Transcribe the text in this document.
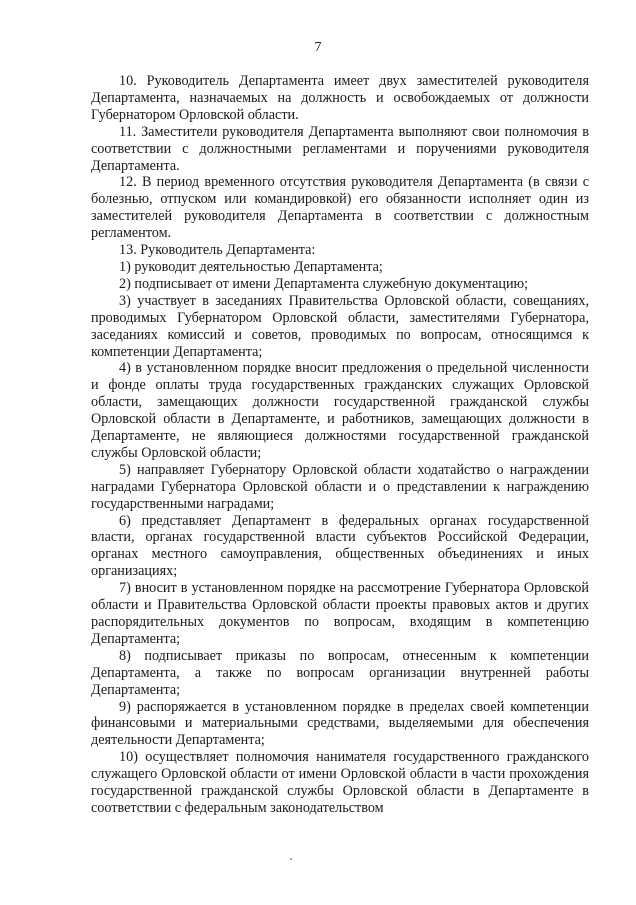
7

10. Руководитель Департамента имеет двух заместителей руководителя Департамента, назначаемых на должность и освобождаемых от должности Губернатором Орловской области.

11. Заместители руководителя Департамента выполняют свои полномочия в соответствии с должностными регламентами и поручениями руководителя Департамента.

12. В период временного отсутствия руководителя Департамента (в связи с болезнью, отпуском или командировкой) его обязанности исполняет один из заместителей руководителя Департамента в соответствии с должностным регламентом.

13. Руководитель Департамента:

1) руководит деятельностью Департамента;

2) подписывает от имени Департамента служебную документацию;

3) участвует в заседаниях Правительства Орловской области, совещаниях, проводимых Губернатором Орловской области, заместителями Губернатора, заседаниях комиссий и советов, проводимых по вопросам, относящимся к компетенции Департамента;

4) в установленном порядке вносит предложения о предельной численности и фонде оплаты труда государственных гражданских служащих Орловской области, замещающих должности государственной гражданской службы Орловской области в Департаменте, и работников, замещающих должности в Департаменте, не являющиеся должностями государственной гражданской службы Орловской области;

5) направляет Губернатору Орловской области ходатайство о награждении наградами Губернатора Орловской области и о представлении к награждению государственными наградами;

6) представляет Департамент в федеральных органах государственной власти, органах государственной власти субъектов Российской Федерации, органах местного самоуправления, общественных объединениях и иных организациях;

7) вносит в установленном порядке на рассмотрение Губернатора Орловской области и Правительства Орловской области проекты правовых актов и других распорядительных документов по вопросам, входящим в компетенцию Департамента;

8) подписывает приказы по вопросам, отнесенным к компетенции Департамента, а также по вопросам организации внутренней работы Департамента;

9) распоряжается в установленном порядке в пределах своей компетенции финансовыми и материальными средствами, выделяемыми для обеспечения деятельности Департамента;

10) осуществляет полномочия нанимателя государственного гражданского служащего Орловской области от имени Орловской области в части прохождения государственной гражданской службы Орловской области в Департаменте в соответствии с федеральным законодательством
